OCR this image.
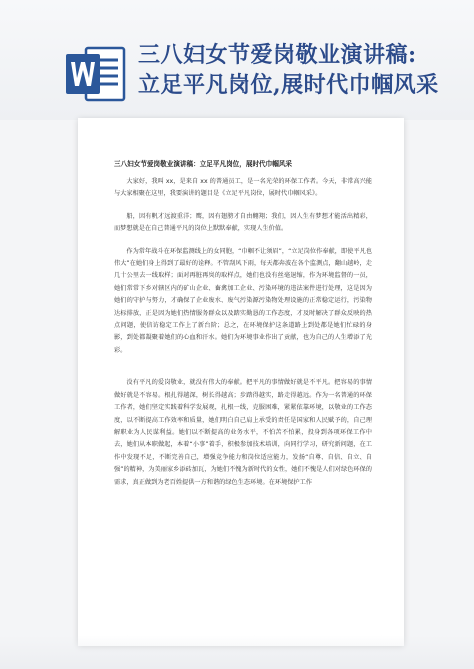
三八妇女节爱岗敬业演讲稿:
立足平凡岗位,展时代巾帼风采
三八妇女节爱岗敬业演讲稿：立足平凡岗位，展时代巾帼风采

大家好，我叫 xx，是来自 xx 的普通员工，是一名光荣的环保工作者。今天，非常高兴能与大家相聚在这里，我要演讲的题目是《立足平凡岗位，展时代巾帼风采》。

船，因有帆才远渡重洋；鹰，因有翅膀才自由翱翔；我们，因人生有梦想才能活出精彩，而梦想就是在自己普通平凡的岗位上默默奉献，实现人生价值。

作为常年战斗在环保监测线上的女同胞，“巾帼不让须眉”，“立足岗位作奉献，即使平凡也伟大”在她们身上得到了最好的诠释。不管刮风下雨，每天都奔波在各个监测点，翻山越岭，走几十公里去一线取样；面对再脏再臭的取样点，她们也没有丝毫退缩，作为环境监督的一员，她们常常下乡对辖区内的矿山企业、畜禽加工企业、污染环境的违法案件进行处理，这是因为她们的守护与努力，才确保了企业废水、废气污染源污染物处理设施的正常稳定运行，污染物达标排放，正是因为她们热情服务群众以及踏实勤恳的工作态度，才及时解决了群众反映的热点问题，使信访稳定工作上了新台阶；总之，在环境保护这条道路上到处都是她们忙碌的身影，到处都凝聚着她们的心血和汗水。她们为环境事业作出了贡献，也为自己的人生增添了光彩。

没有平凡的爱岗敬业，就没有伟大的奉献。把平凡的事情做好就是不平凡。把容易的事情做好就是不容易。根扎得越深，树长得越高；步踏得越实，路走得越远。作为一名普通的环保工作者，她们坚定实践着科学发展观，扎根一线，克服困难，紧紧依靠环境，以敬业的工作态度，以不断提高工作效率和质量，她们明白自己肩上承受的责任是国家和人民赋予的，自己理解职业为人民谋利益。她们以不断提高的业务水平，不怕苦不怕累，投身到各项环保工作中去，她们从本职做起，本着“小事”着手，积极参加技术培训，向同行学习，研究新问题，在工作中发现不足，不断完善自己，增强竞争能力和岗位适应能力，发扬“自尊、自信、自立、自强”的精神，为美丽家乡添砖加瓦，为她们不愧为新时代的女性，她们不愧是人们对绿色环保的需求，真正做到为老百姓提供一方和谐的绿色生态环境。在环境保护工作
